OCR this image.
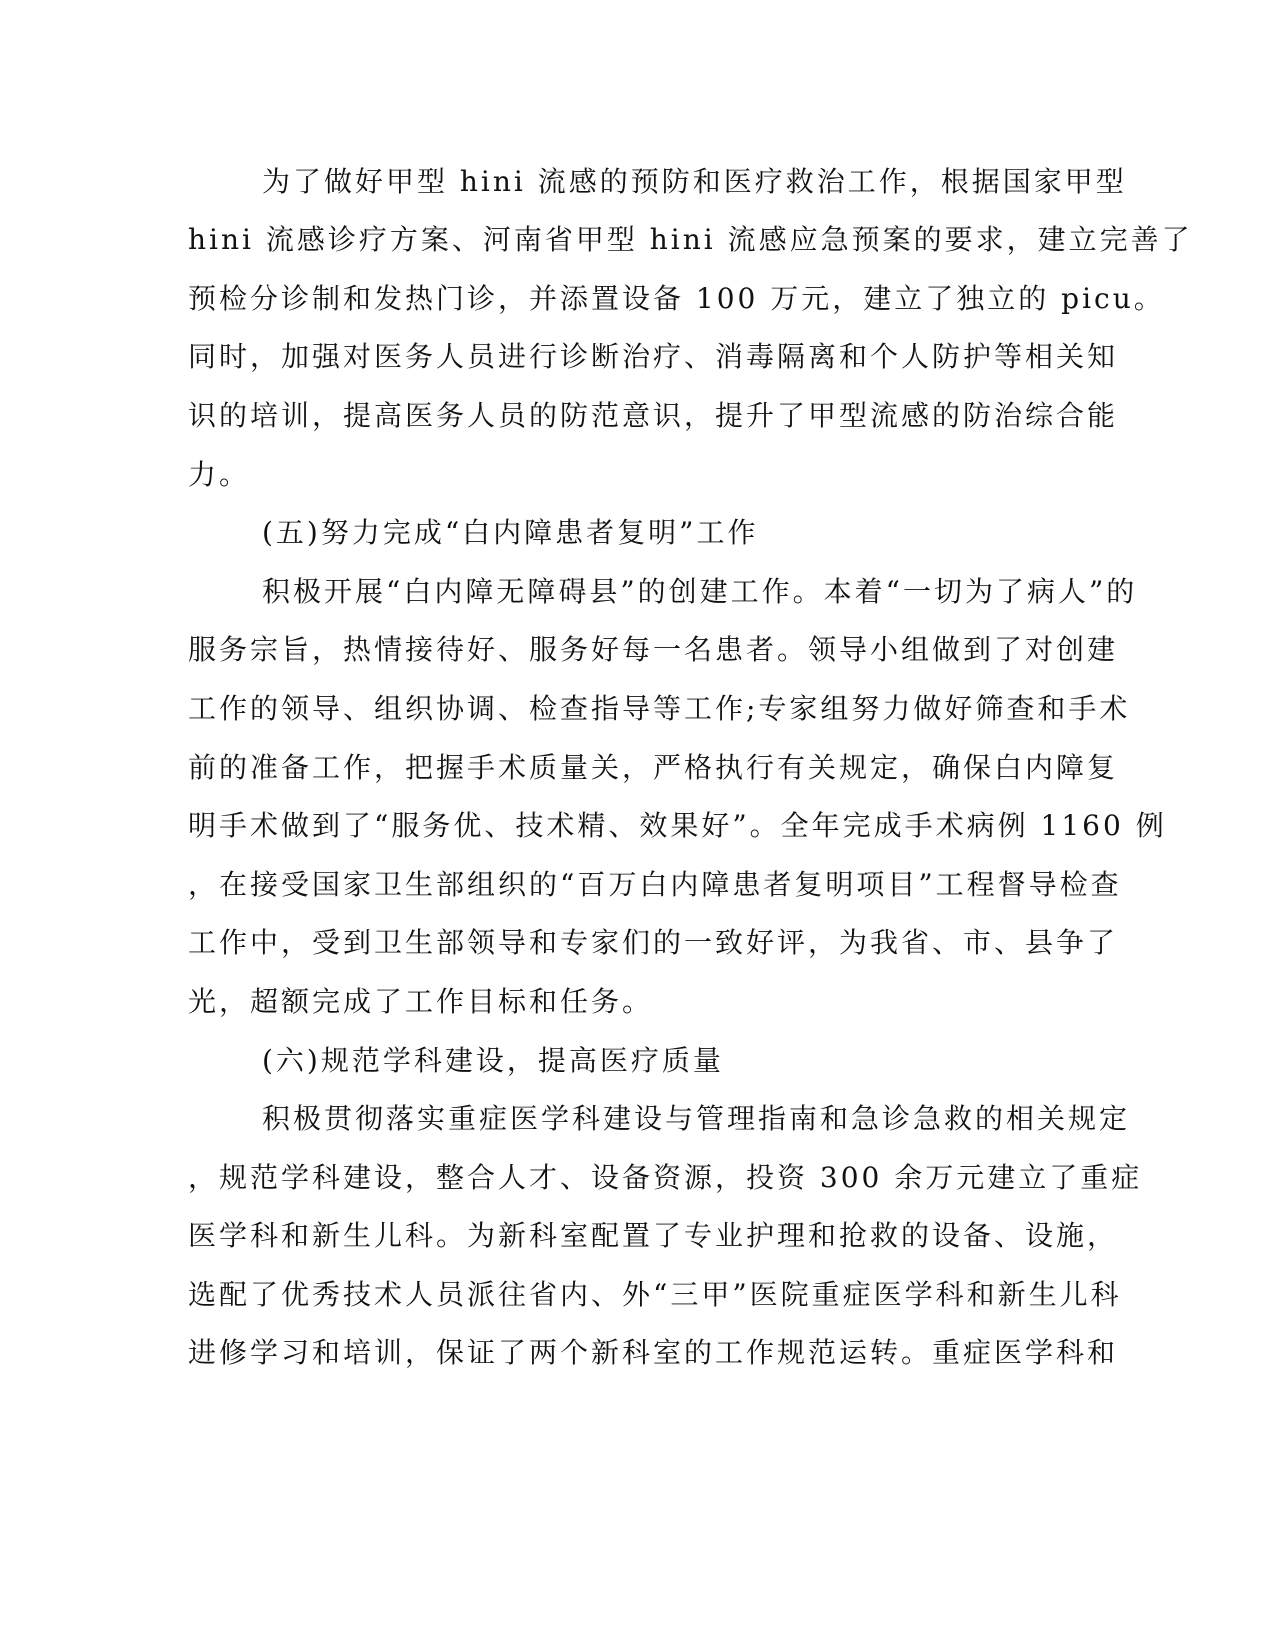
为了做好甲型 hini 流感的预防和医疗救治工作，根据国家甲型
hini 流感诊疗方案、河南省甲型 hini 流感应急预案的要求，建立完善了
预检分诊制和发热门诊，并添置设备 100 万元，建立了独立的 picu。
同时，加强对医务人员进行诊断治疗、消毒隔离和个人防护等相关知
识的培训，提高医务人员的防范意识，提升了甲型流感的防治综合能
力。
(五)努力完成“白内障患者复明”工作
积极开展“白内障无障碍县”的创建工作。本着“一切为了病人”的
服务宗旨，热情接待好、服务好每一名患者。领导小组做到了对创建
工作的领导、组织协调、检查指导等工作;专家组努力做好筛查和手术
前的准备工作，把握手术质量关，严格执行有关规定，确保白内障复
明手术做到了“服务优、技术精、效果好”。全年完成手术病例 1160 例
，在接受国家卫生部组织的“百万白内障患者复明项目”工程督导检查
工作中，受到卫生部领导和专家们的一致好评，为我省、市、县争了
光，超额完成了工作目标和任务。
(六)规范学科建设，提高医疗质量
积极贯彻落实重症医学科建设与管理指南和急诊急救的相关规定
，规范学科建设，整合人才、设备资源，投资 300 余万元建立了重症
医学科和新生儿科。为新科室配置了专业护理和抢救的设备、设施，
选配了优秀技术人员派往省内、外“三甲”医院重症医学科和新生儿科
进修学习和培训，保证了两个新科室的工作规范运转。重症医学科和
